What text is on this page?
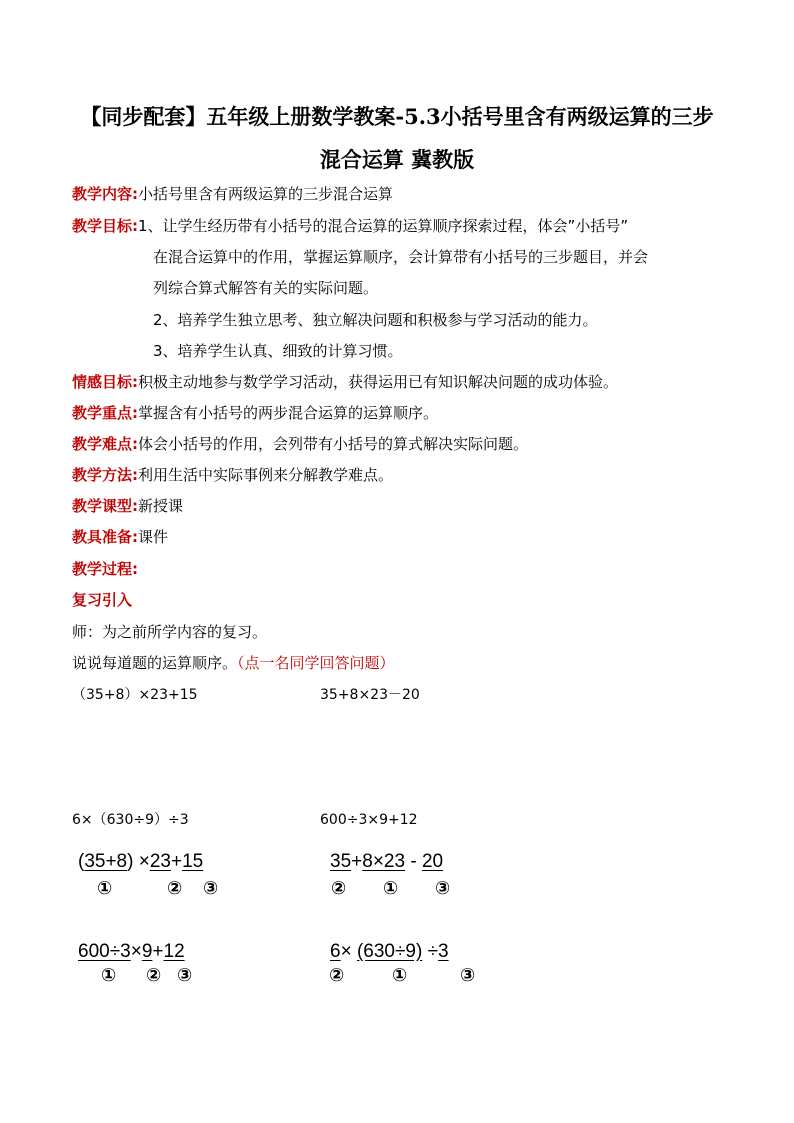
【同步配套】五年级上册数学教案-5.3小括号里含有两级运算的三步
混合运算 冀教版
教学内容:小括号里含有两级运算的三步混合运算
教学目标:1、让学生经历带有小括号的混合运算的运算顺序探索过程，体会”小括号”
在混合运算中的作用，掌握运算顺序，会计算带有小括号的三步题目，并会
列综合算式解答有关的实际问题。
2、培养学生独立思考、独立解决问题和积极参与学习活动的能力。
3、培养学生认真、细致的计算习惯。
情感目标:积极主动地参与数学学习活动，获得运用已有知识解决问题的成功体验。
教学重点:掌握含有小括号的两步混合运算的运算顺序。
教学难点:体会小括号的作用，会列带有小括号的算式解决实际问题。
教学方法:利用生活中实际事例来分解教学难点。
教学课型:新授课
教具准备:课件
教学过程:
复习引入
师：为之前所学内容的复习。
说说每道题的运算顺序。（点一名同学回答问题）
（35+8）×23+15	35+8×23－20
6×（630÷9）÷3	600÷3×9+12
(35+8) ×23+15
①	② ③
35+8×23 - 20
② ① ③
600÷3×9+12
① ② ③
6× (630÷9) ÷3
②	①	③
